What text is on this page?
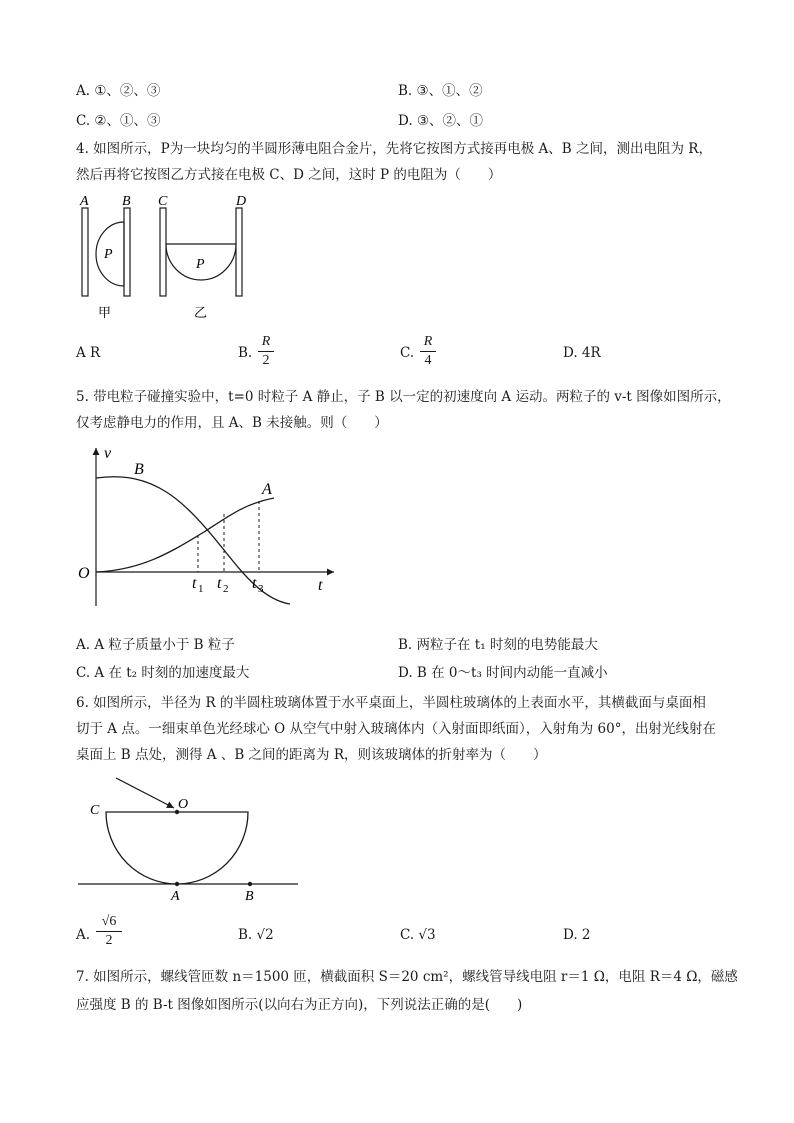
A. ①、②、③	B. ③、①、②
C. ②、①、③	D. ③、②、①
4. 如图所示，P为一块均匀的半圆形薄电阻合金片，先将它按图方式接再电极 A、B 之间，测出电阻为 R，
然后再将它按图乙方式接在电极 C、D 之间，这时 P 的电阻为（　　）
A B
P
甲
C	D
P
乙
A R	B.
R
2	C.
R
4	D. 4R
5. 带电粒子碰撞实验中，t=0 时粒子 A 静止，子 B 以一定的初速度向 A 运动。两粒子的 v-t 图像如图所示，
仅考虑静电力的作用，且 A、B 未接触。则（　　）
v
t
O
B
A
t 1 t 2 t 3
A. A 粒子质量小于 B 粒子	B. 两粒子在 t₁ 时刻的电势能最大
C. A 在 t₂ 时刻的加速度最大	D. B 在 0～t₃ 时间内动能一直减小
6. 如图所示，半径为 R 的半圆柱玻璃体置于水平桌面上，半圆柱玻璃体的上表面水平，其横截面与桌面相
切于 A 点。一细束单色光经球心 O 从空气中射入玻璃体内（入射面即纸面），入射角为 60°，出射光线射在
桌面上 B 点处，测得 A 、B 之间的距离为 R，则该玻璃体的折射率为（　　）
C	O
A	B
A.
√6
2	B. √2	C. √3	D. 2
7. 如图所示，螺线管匝数 n＝1500 匝，横截面积 S＝20 cm²，螺线管导线电阻 r＝1 Ω，电阻 R＝4 Ω，磁感
应强度 B 的 B-t 图像如图所示(以向右为正方向)，下列说法正确的是(　　)
